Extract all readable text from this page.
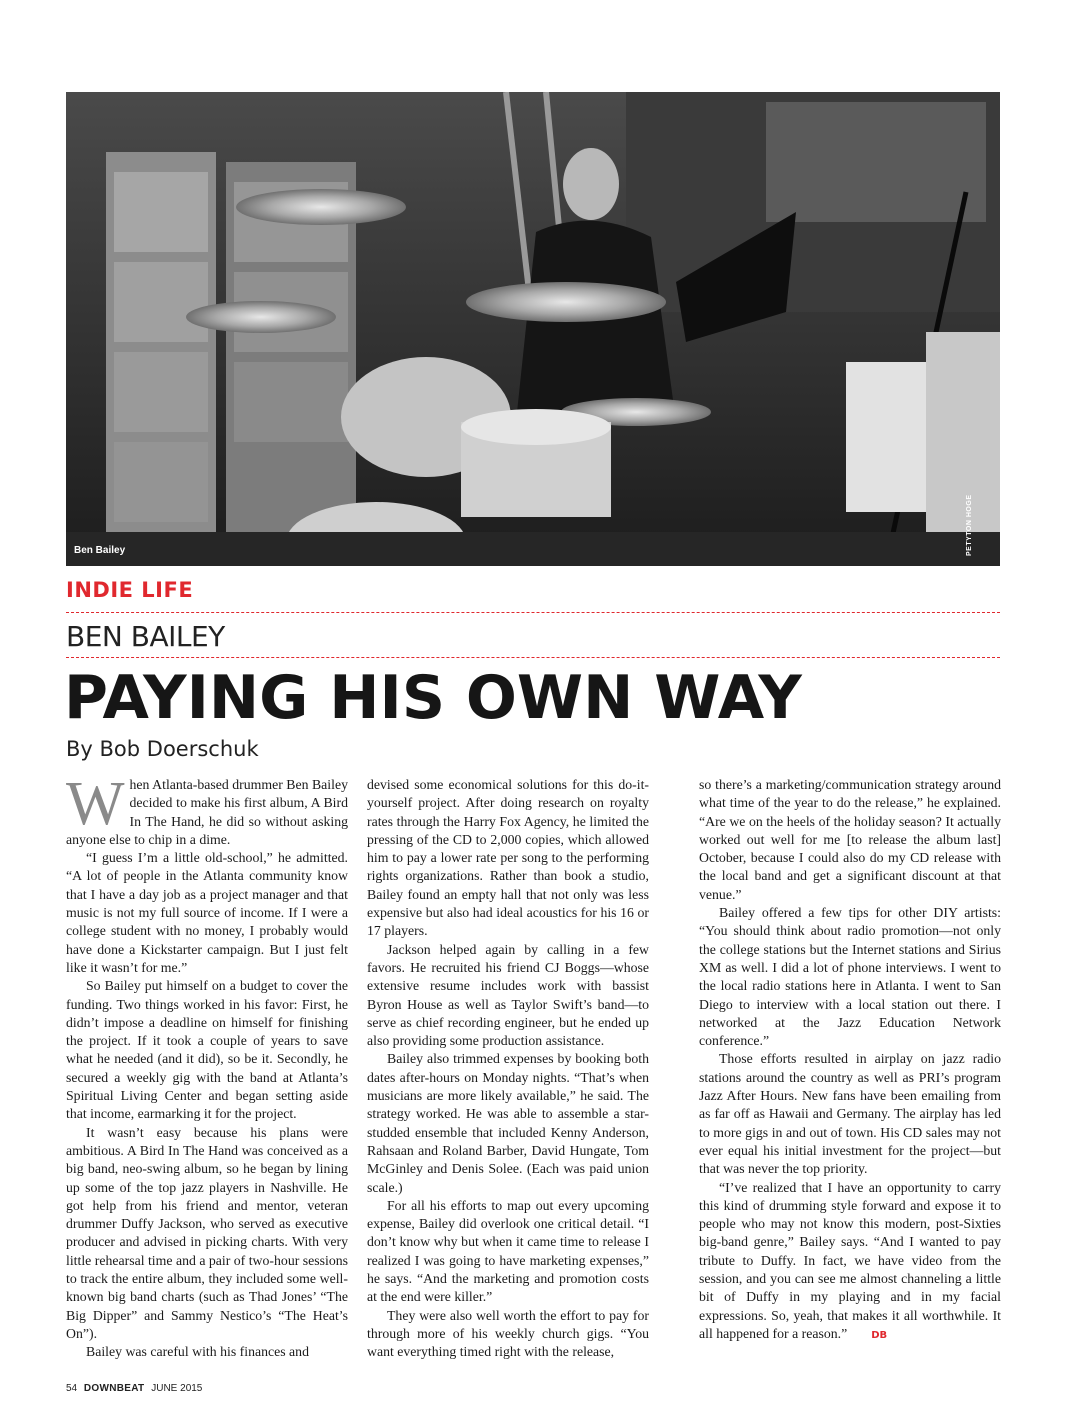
Ben Bailey	PETYTON HOGE
INDIE LIFE
BEN BAILEY
PAYING HIS OWN WAY
By Bob Doerschuk

When Atlanta-based drummer Ben Bailey decided to make his first album, A Bird In The Hand, he did so without asking anyone else to chip in a dime.

“I guess I’m a little old-school,” he admitted. “A lot of people in the Atlanta community know that I have a day job as a project manager and that music is not my full source of income. If I were a college student with no money, I probably would have done a Kickstarter campaign. But I just felt like it wasn’t for me.”

So Bailey put himself on a budget to cover the funding. Two things worked in his favor: First, he didn’t impose a deadline on himself for finishing the project. If it took a couple of years to save what he needed (and it did), so be it. Secondly, he secured a weekly gig with the band at Atlanta’s Spiritual Living Center and began setting aside that income, earmarking it for the project.

It wasn’t easy because his plans were ambitious. A Bird In The Hand was conceived as a big band, neo-swing album, so he began by lining up some of the top jazz players in Nashville. He got help from his friend and mentor, veteran drummer Duffy Jackson, who served as executive producer and advised in picking charts. With very little rehearsal time and a pair of two-hour sessions to track the entire album, they included some well-known big band charts (such as Thad Jones’ “The Big Dipper” and Sammy Nestico’s “The Heat’s On”).

Bailey was careful with his finances and

devised some economical solutions for this do-it-yourself project. After doing research on royalty rates through the Harry Fox Agency, he limited the pressing of the CD to 2,000 copies, which allowed him to pay a lower rate per song to the performing rights organizations. Rather than book a studio, Bailey found an empty hall that not only was less expensive but also had ideal acoustics for his 16 or 17 players.

Jackson helped again by calling in a few favors. He recruited his friend CJ Boggs—whose extensive resume includes work with bassist Byron House as well as Taylor Swift’s band—to serve as chief recording engineer, but he ended up also providing some production assistance.

Bailey also trimmed expenses by booking both dates after-hours on Monday nights. “That’s when musicians are more likely available,” he said. The strategy worked. He was able to assemble a star-studded ensemble that included Kenny Anderson, Rahsaan and Roland Barber, David Hungate, Tom McGinley and Denis Solee. (Each was paid union scale.)

For all his efforts to map out every upcoming expense, Bailey did overlook one critical detail. “I don’t know why but when it came time to release I realized I was going to have marketing expenses,” he says. “And the marketing and promotion costs at the end were killer.”

They were also well worth the effort to pay for through more of his weekly church gigs. “You want everything timed right with the release,

so there’s a marketing/communication strategy around what time of the year to do the release,” he explained. “Are we on the heels of the holiday season? It actually worked out well for me [to release the album last] October, because I could also do my CD release with the local band and get a significant discount at that venue.”

Bailey offered a few tips for other DIY artists: “You should think about radio promotion—not only the college stations but the Internet stations and Sirius XM as well. I did a lot of phone interviews. I went to the local radio stations here in Atlanta. I went to San Diego to interview with a local station out there. I networked at the Jazz Education Network conference.”

Those efforts resulted in airplay on jazz radio stations around the country as well as PRI’s program Jazz After Hours. New fans have been emailing from as far off as Hawaii and Germany. The airplay has led to more gigs in and out of town. His CD sales may not ever equal his initial investment for the project—but that was never the top priority.

“I’ve realized that I have an opportunity to carry this kind of drumming style forward and expose it to people who may not know this modern, post-Sixties big-band genre,” Bailey says. “And I wanted to pay tribute to Duffy. In fact, we have video from the session, and you can see me almost channeling a little bit of Duffy in my playing and in my facial expressions. So, yeah, that makes it all worthwhile. It all happened for a reason.” DB

54 DOWNBEAT JUNE 2015
